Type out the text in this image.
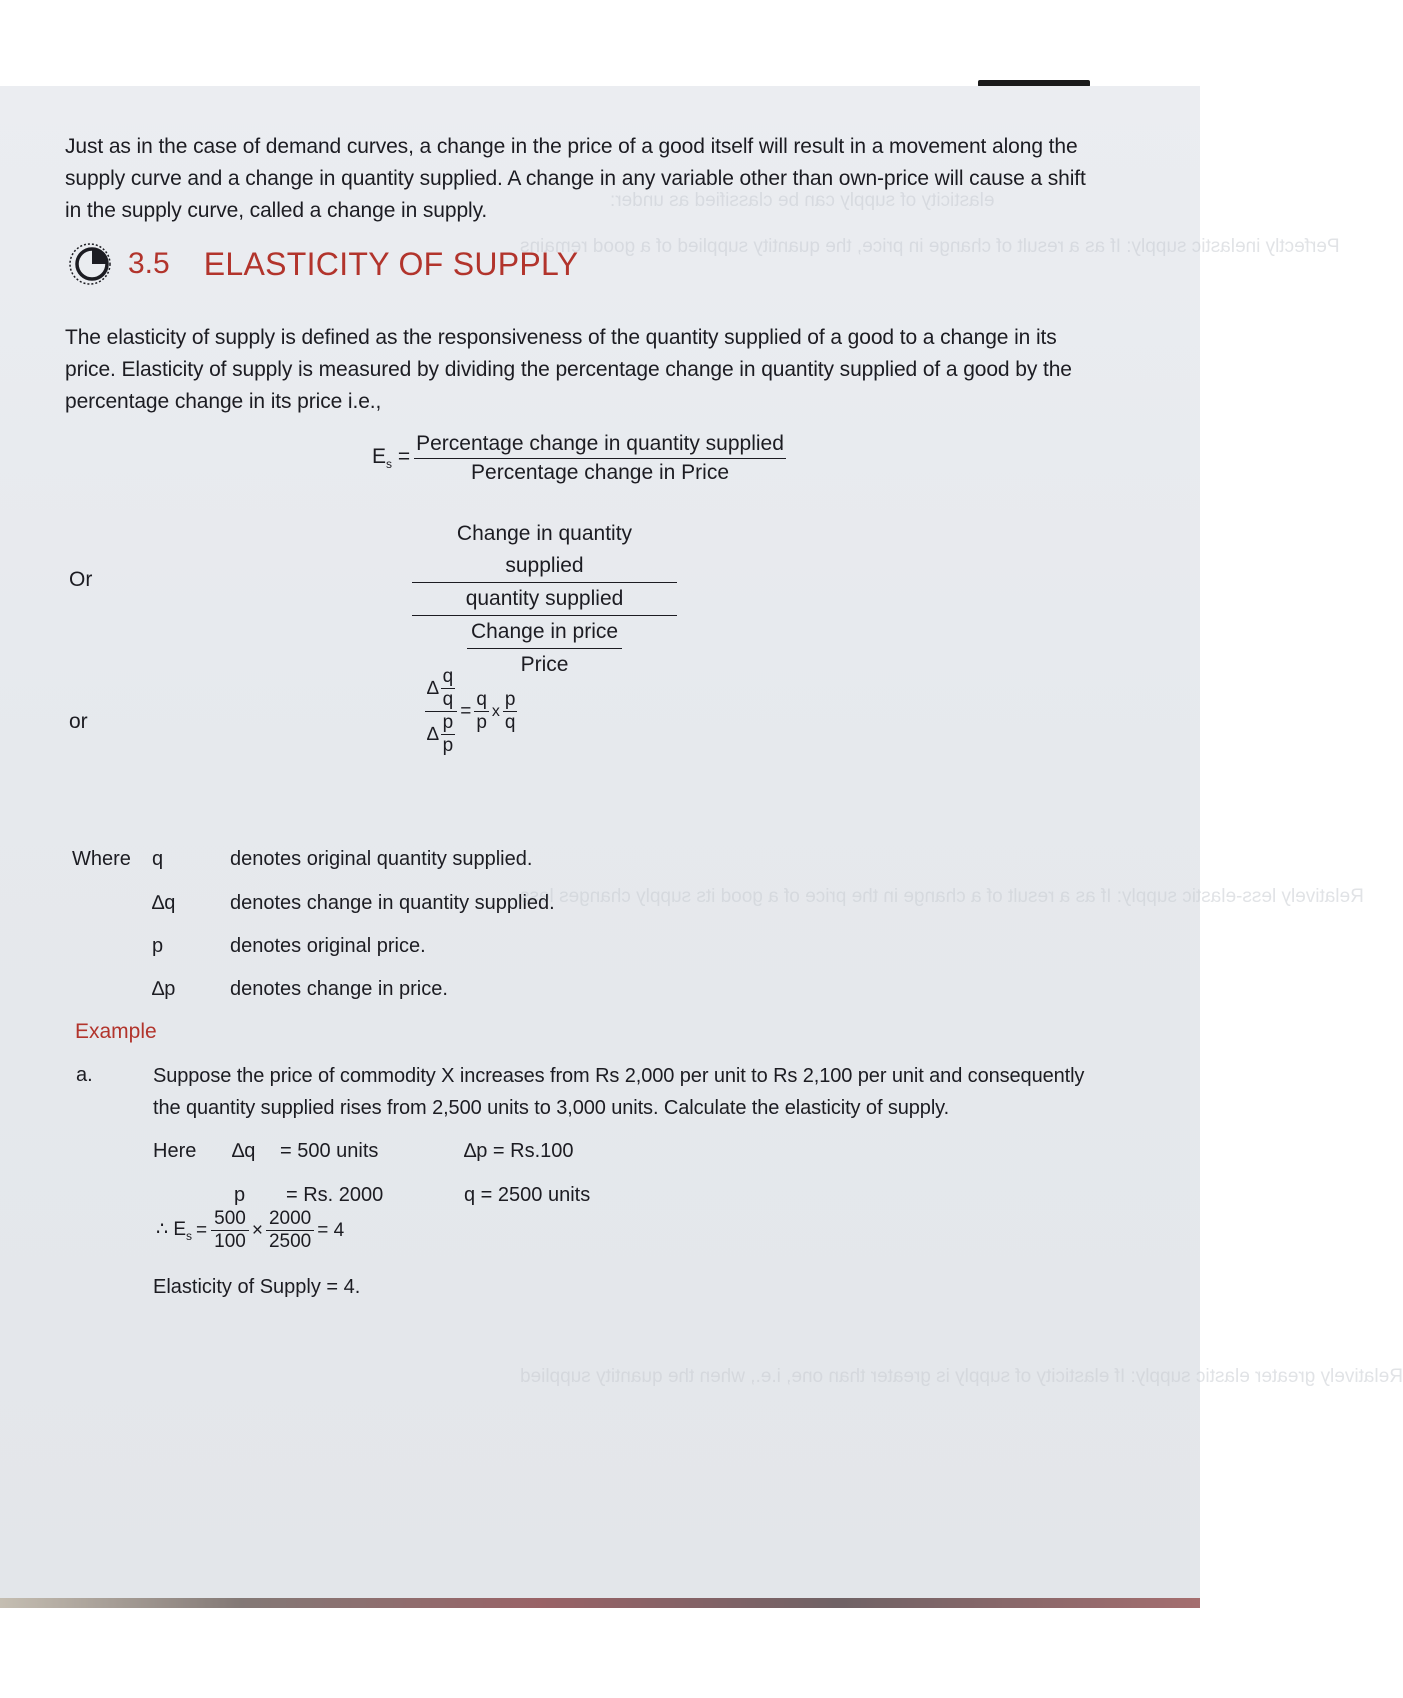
elasticity of supply can be classified as under:
Perfectly inelastic supply: If as a result of change in price, the quantity supplied of a good remains
Relatively less-elastic supply: If as a result of a change in the price of a good its supply changes less
Relatively greater elastic supply: If elasticity of supply is greater than one, i.e., when the quantity supplied

Just as in the case of demand curves, a change in the price of a good itself will result in a movement along the supply curve and a change in quantity supplied. A change in any variable other than own-price will cause a shift in the supply curve, called a change in supply.

3.5 ELASTICITY OF SUPPLY

The elasticity of supply is defined as the responsiveness of the quantity supplied of a good to a change in its price. Elasticity of supply is measured by dividing the percentage change in quantity supplied of a good by the percentage change in its price i.e.,

$E_s = \frac{\text{Percentage change in quantity supplied}}{\text{Percentage change in Price}}$
Or
Change in quantity supplied
quantity supplied
Change in price
Price
or	$\frac{\Delta \frac{q}{q}}{\Delta \frac{p}{p}} = \frac{q}{p}$ x $\frac{p}{q}$
Where q	denotes original quantity supplied.
∆q	denotes change in quantity supplied.
p	denotes original price.
∆p	denotes change in price.
Example
a.	Suppose the price of commodity X increases from Rs 2,000 per unit to Rs 2,100 per unit and consequently the quantity supplied rises from 2,500 units to 3,000 units. Calculate the elasticity of supply.

Here ∆q = 500 units	∆p = Rs.100
p = Rs. 2000	q = 2500 units
∴ $E_s = \frac{500}{100} \times \frac{2000}{2500} = 4$
Elasticity of Supply = 4.
